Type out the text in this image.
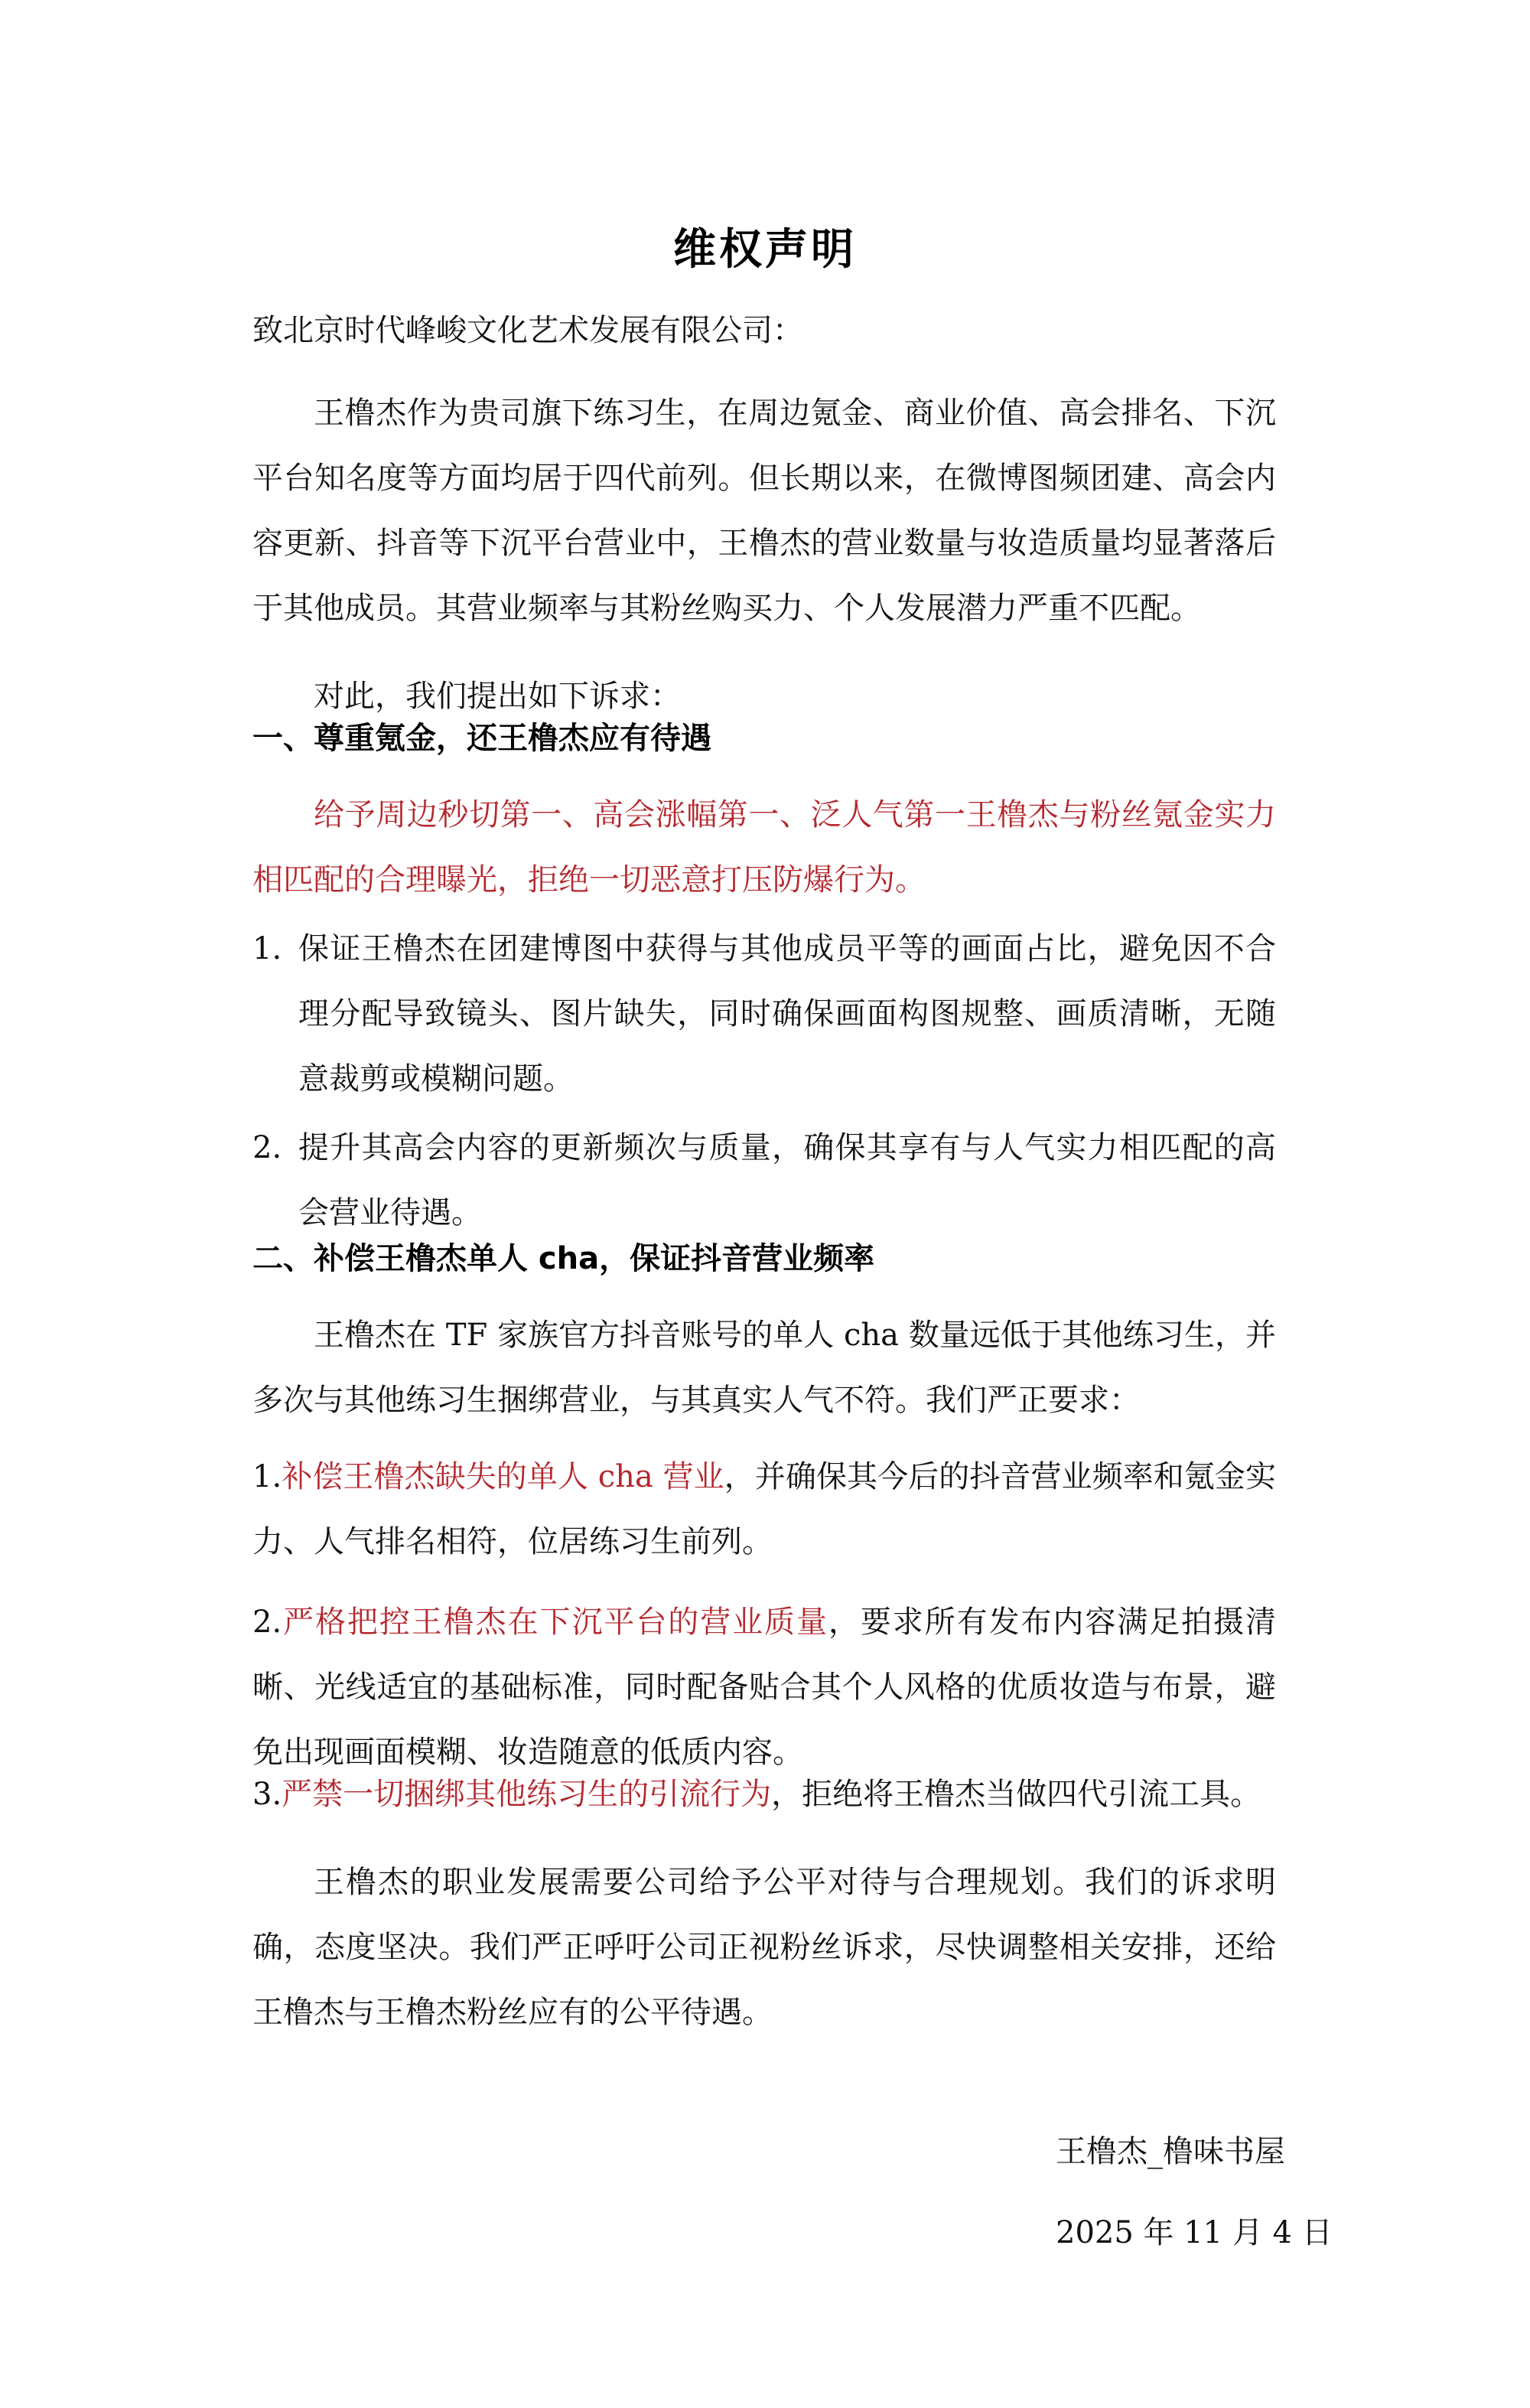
维权声明
致北京时代峰峻文化艺术发展有限公司：
王橹杰作为贵司旗下练习生，在周边氪金、商业价值、高会排名、下沉平台知名度等方面均居于四代前列。但长期以来，在微博图频团建、高会内容更新、抖音等下沉平台营业中，王橹杰的营业数量与妆造质量均显著落后于其他成员。其营业频率与其粉丝购买力、个人发展潜力严重不匹配。
对此，我们提出如下诉求：
一、尊重氪金，还王橹杰应有待遇
给予周边秒切第一、高会涨幅第一、泛人气第一王橹杰与粉丝氪金实力相匹配的合理曝光，拒绝一切恶意打压防爆行为。
1. 保证王橹杰在团建博图中获得与其他成员平等的画面占比，避免因不合理分配导致镜头、图片缺失，同时确保画面构图规整、画质清晰，无随意裁剪或模糊问题。
2. 提升其高会内容的更新频次与质量，确保其享有与人气实力相匹配的高会营业待遇。
二、补偿王橹杰单人 cha，保证抖音营业频率
王橹杰在 TF 家族官方抖音账号的单人 cha 数量远低于其他练习生，并多次与其他练习生捆绑营业，与其真实人气不符。我们严正要求：
1.补偿王橹杰缺失的单人 cha 营业，并确保其今后的抖音营业频率和氪金实力、人气排名相符，位居练习生前列。
2.严格把控王橹杰在下沉平台的营业质量，要求所有发布内容满足拍摄清晰、光线适宜的基础标准，同时配备贴合其个人风格的优质妆造与布景，避免出现画面模糊、妆造随意的低质内容。
3.严禁一切捆绑其他练习生的引流行为，拒绝将王橹杰当做四代引流工具。
王橹杰的职业发展需要公司给予公平对待与合理规划。我们的诉求明确，态度坚决。我们严正呼吁公司正视粉丝诉求，尽快调整相关安排，还给王橹杰与王橹杰粉丝应有的公平待遇。
王橹杰_橹味书屋
2025 年 11 月 4 日
